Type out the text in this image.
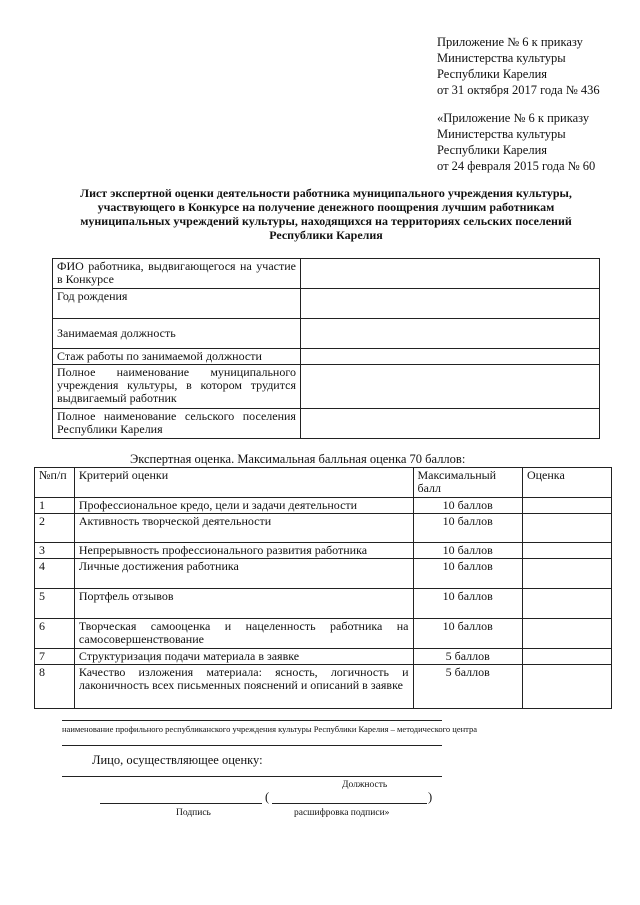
Приложение № 6 к приказу
Министерства культуры
Республики Карелия
от 31 октября 2017 года № 436
«Приложение № 6 к приказу
Министерства культуры
Республики Карелия
от 24 февраля 2015 года № 60
Лист экспертной оценки деятельности работника муниципального учреждения культуры,
участвующего в Конкурсе на получение денежного поощрения лучшим работникам
муниципальных учреждений культуры, находящихся на территориях сельских поселений
Республики Карелия
ФИО работника, выдвигающегося на участие в Конкурсе	
Год рождения	
Занимаемая должность	
Стаж работы по занимаемой должности	
Полное наименование муниципального учреждения культуры, в котором трудится выдвигаемый работник	
Полное наименование сельского поселения Республики Карелия	
Экспертная оценка. Максимальная балльная оценка 70 баллов:
№п/п	Критерий оценки	Максимальный балл	Оценка
1	Профессиональное кредо, цели и задачи деятельности	10 баллов	
2	Активность творческой деятельности	10 баллов	
3	Непрерывность профессионального развития работника	10 баллов	
4	Личные достижения работника	10 баллов	
5	Портфель отзывов	10 баллов	
6	Творческая самооценка и нацеленность работника на самосовершенствование	10 баллов	
7	Структуризация подачи материала в заявке	5 баллов	
8	Качество изложения материала: ясность, логичность и лаконичность всех письменных пояснений и описаний в заявке	5 баллов	
наименование профильного республиканского учреждения культуры Республики Карелия – методического центра
Лицо, осуществляющее оценку:
Должность
(	)
Подпись	расшифровка подписи»
